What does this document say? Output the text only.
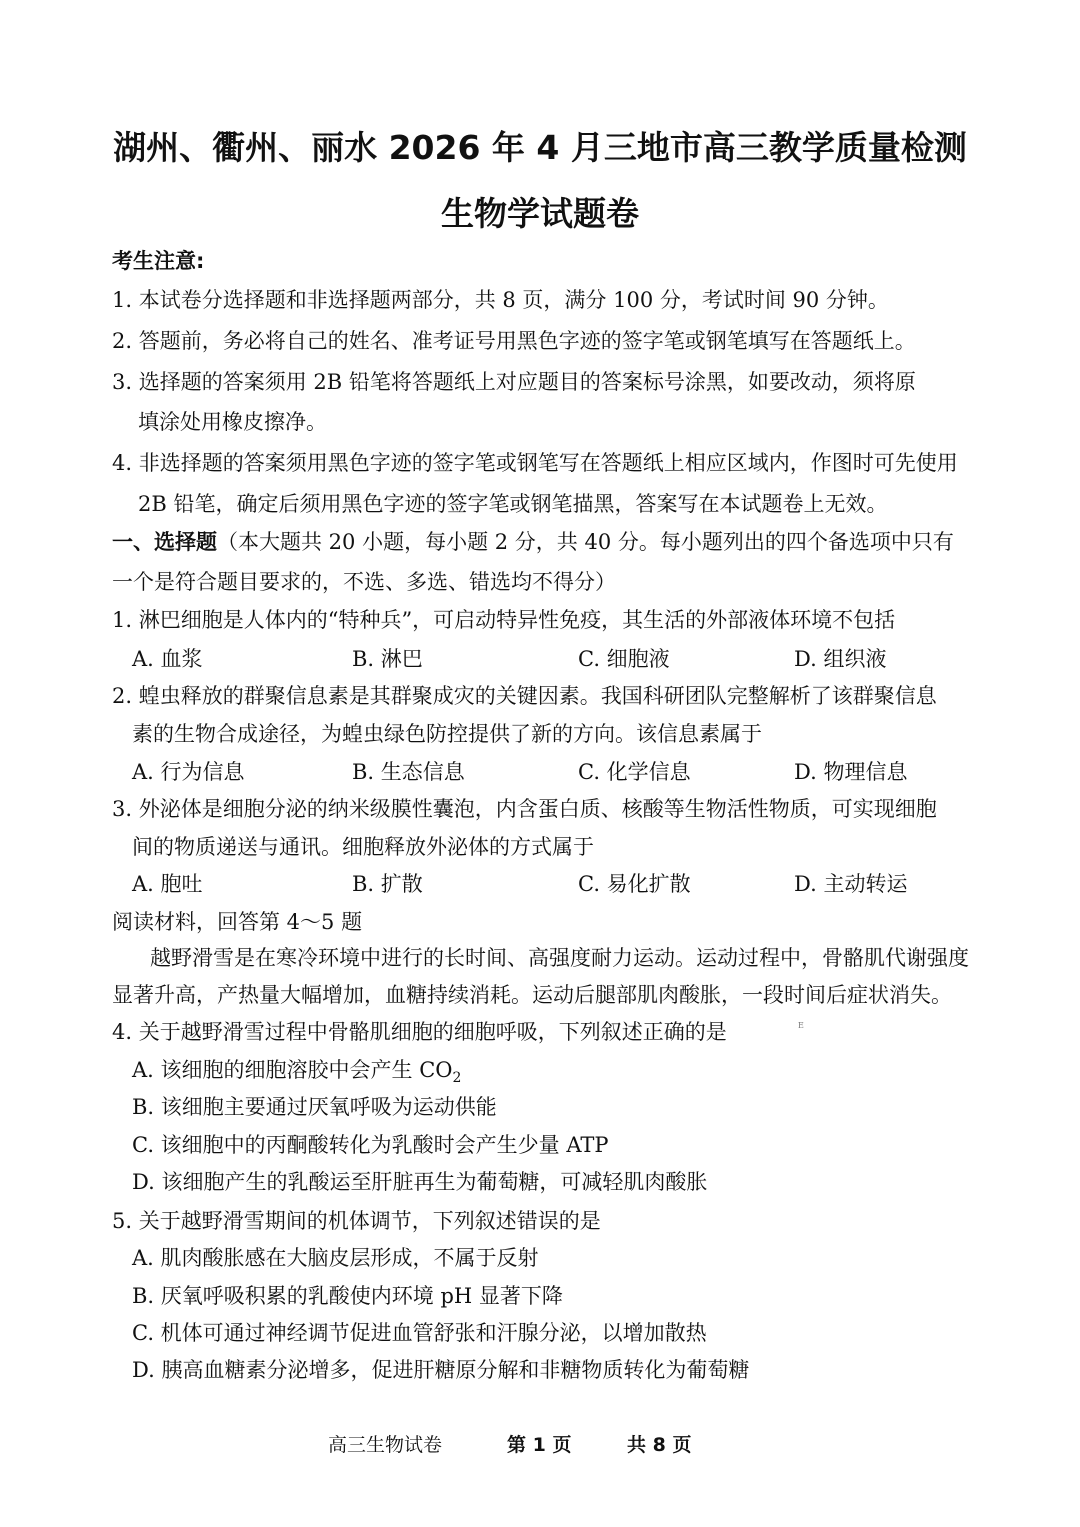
湖州、衢州、丽水 2026 年 4 月三地市高三教学质量检测
生物学试题卷
考生注意:
1. 本试卷分选择题和非选择题两部分，共 8 页，满分 100 分，考试时间 90 分钟。
2. 答题前，务必将自己的姓名、准考证号用黑色字迹的签字笔或钢笔填写在答题纸上。
3. 选择题的答案须用 2B 铅笔将答题纸上对应题目的答案标号涂黑，如要改动，须将原
填涂处用橡皮擦净。
4. 非选择题的答案须用黑色字迹的签字笔或钢笔写在答题纸上相应区域内，作图时可先使用
2B 铅笔，确定后须用黑色字迹的签字笔或钢笔描黑，答案写在本试题卷上无效。
一、选择题（本大题共 20 小题，每小题 2 分，共 40 分。每小题列出的四个备选项中只有
一个是符合题目要求的，不选、多选、错选均不得分）
1. 淋巴细胞是人体内的“特种兵”，可启动特异性免疫，其生活的外部液体环境不包括
A. 血浆	B. 淋巴	C. 细胞液	D. 组织液
2. 蝗虫释放的群聚信息素是其群聚成灾的关键因素。我国科研团队完整解析了该群聚信息
素的生物合成途径，为蝗虫绿色防控提供了新的方向。该信息素属于
A. 行为信息	B. 生态信息	C. 化学信息	D. 物理信息
3. 外泌体是细胞分泌的纳米级膜性囊泡，内含蛋白质、核酸等生物活性物质，可实现细胞
间的物质递送与通讯。细胞释放外泌体的方式属于
A. 胞吐	B. 扩散	C. 易化扩散	D. 主动转运
阅读材料，回答第 4～5 题
越野滑雪是在寒冷环境中进行的长时间、高强度耐力运动。运动过程中，骨骼肌代谢强度
显著升高，产热量大幅增加，血糖持续消耗。运动后腿部肌肉酸胀，一段时间后症状消失。
4. 关于越野滑雪过程中骨骼肌细胞的细胞呼吸，下列叙述正确的是	E
A. 该细胞的细胞溶胶中会产生 $CO_2$
B. 该细胞主要通过厌氧呼吸为运动供能
C. 该细胞中的丙酮酸转化为乳酸时会产生少量 ATP
D. 该细胞产生的乳酸运至肝脏再生为葡萄糖，可减轻肌肉酸胀
5. 关于越野滑雪期间的机体调节，下列叙述错误的是
A. 肌肉酸胀感在大脑皮层形成，不属于反射
B. 厌氧呼吸积累的乳酸使内环境 pH 显著下降
C. 机体可通过神经调节促进血管舒张和汗腺分泌，以增加散热
D. 胰高血糖素分泌增多，促进肝糖原分解和非糖物质转化为葡萄糖
高三生物试卷	第 1 页	共 8 页
